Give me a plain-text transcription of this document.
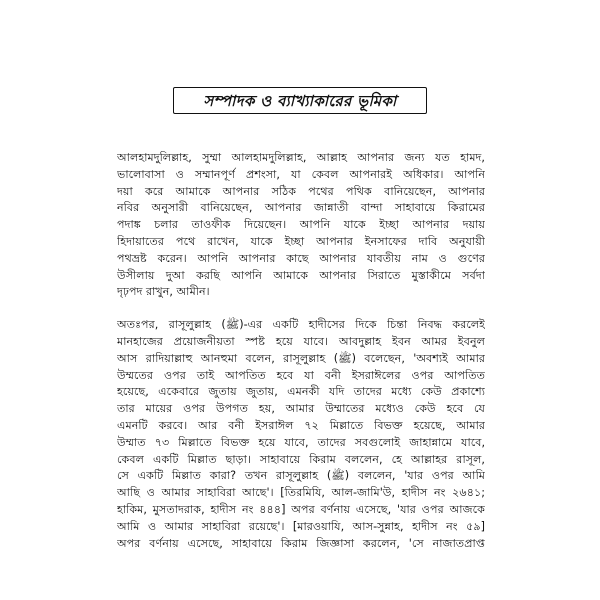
সম্পাদক ও ব্যাখ্যাকারের ভূমিকা

আলহামদুলিল্লাহ, সুম্মা আলহামদুলিল্লাহ, আল্লাহ আপনার জন্য যত হামদ,
ভালোবাসা ও সম্মানপূর্ণ প্রশংসা, যা কেবল আপনারই অধিকার। আপনি
দয়া করে আমাকে আপনার সঠিক পথের পথিক বানিয়েছেন, আপনার
নবির অনুসারী বানিয়েছেন, আপনার জান্নাতী বান্দা সাহাবায়ে কিরামের
পদাঙ্ক চলার তাওফীক দিয়েছেন। আপনি যাকে ইচ্ছা আপনার দয়ায়
হিদায়াতের পথে রাখেন, যাকে ইচ্ছা আপনার ইনসাফের দাবি অনুযায়ী
পথভ্রষ্ট করেন। আপনি আপনার কাছে আপনার যাবতীয় নাম ও গুণের
উসীলায় দুআ করছি আপনি আমাকে আপনার সিরাতে মুস্তাকীমে সর্বদা
দৃঢ়পদ রাখুন, আমীন।

অতঃপর, রাসূলুল্লাহ (ﷺ)-এর একটি হাদীসের দিকে চিন্তা নিবদ্ধ করলেই
মানহাজের প্রয়োজনীয়তা স্পষ্ট হয়ে যাবে। আবদুল্লাহ ইবন আমর ইবনুল
আস রাদিয়াল্লাহু আনহুমা বলেন, রাসূলুল্লাহ (ﷺ) বলেছেন, 'অবশ্যই আমার
উম্মতের ওপর তাই আপতিত হবে যা বনী ইসরাঈলের ওপর আপতিত
হয়েছে, একেবারে জুতায় জুতায়, এমনকী যদি তাদের মধ্যে কেউ প্রকাশ্যে
তার মায়ের ওপর উপগত হয়, আমার উম্মাতের মধ্যেও কেউ হবে যে
এমনটি করবে। আর বনী ইসরাঈল ৭২ মিল্লাতে বিভক্ত হয়েছে, আমার
উম্মাত ৭৩ মিল্লাতে বিভক্ত হয়ে যাবে, তাদের সবগুলোই জাহান্নামে যাবে,
কেবল একটি মিল্লাত ছাড়া। সাহাবায়ে কিরাম বললেন, হে আল্লাহর রাসূল,
সে একটি মিল্লাত কারা? তখন রাসূলুল্লাহ (ﷺ) বললেন, 'যার ওপর আমি
আছি ও আমার সাহাবিরা আছে'। [তিরমিযি, আল-জামি'উ, হাদীস নং ২৬৪১;
হাকিম, মুসতাদরাক, হাদীস নং ৪৪৪] অপর বর্ণনায় এসেছে, 'যার ওপর আজকে
আমি ও আমার সাহাবিরা রয়েছে'। [মারওয়াযি, আস-সুন্নাহ, হাদীস নং ৫৯]
অপর বর্ণনায় এসেছে, সাহাবায়ে কিরাম জিজ্ঞাসা করলেন, 'সে নাজাতপ্রাপ্ত
